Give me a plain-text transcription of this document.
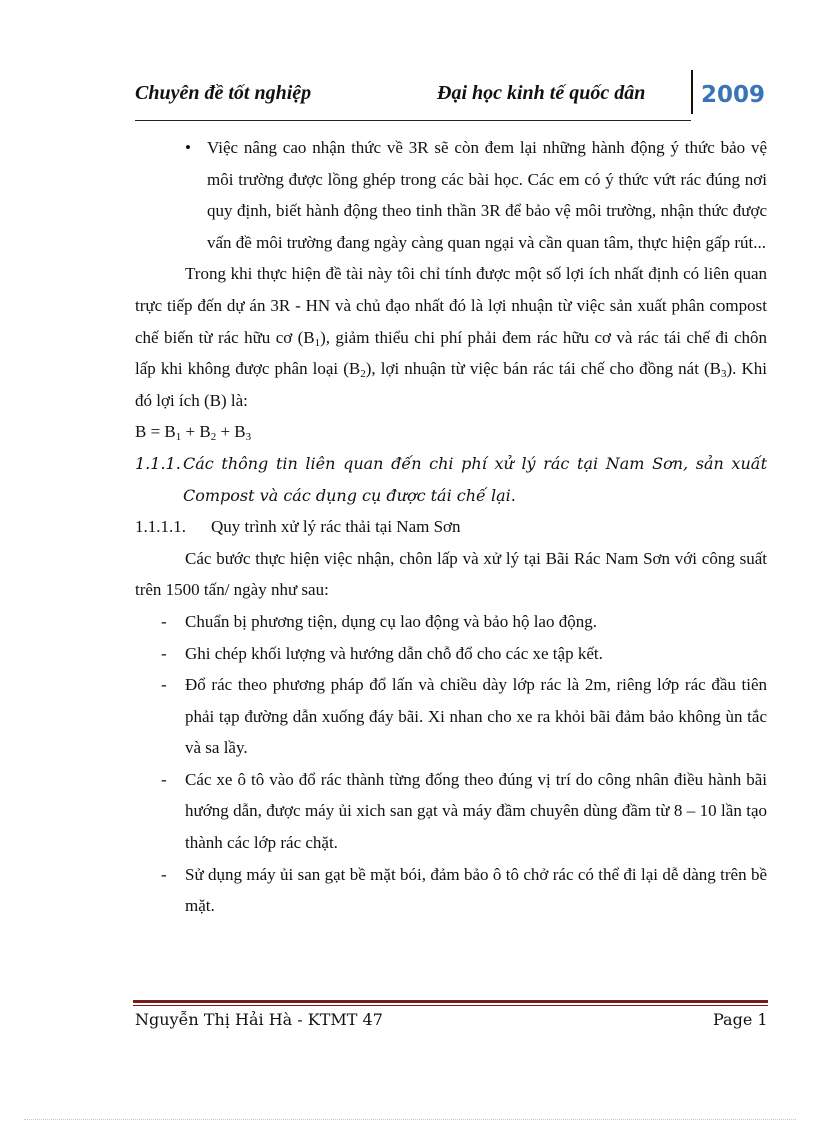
Chuyên đề tốt nghiệp	Đại học kinh tế quốc dân 2009

• Việc nâng cao nhận thức về 3R sẽ còn đem lại những hành động ý thức bảo vệ môi trường được lồng ghép trong các bài học. Các em có ý thức vứt rác đúng nơi quy định, biết hành động theo tinh thần 3R để bảo vệ môi trường, nhận thức được vấn đề môi trường đang ngày càng quan ngại và cần quan tâm, thực hiện gấp rút...

Trong khi thực hiện đề tài này tôi chỉ tính được một số lợi ích nhất định có liên quan trực tiếp đến dự án 3R - HN và chủ đạo nhất đó là lợi nhuận từ việc sản xuất phân compost chế biến từ rác hữu cơ $(B_1)$, giảm thiểu chi phí phải đem rác hữu cơ và rác tái chế đi chôn lấp khi không được phân loại $(B_2)$, lợi nhuận từ việc bán rác tái chế cho đồng nát $(B_3)$. Khi đó lợi ích (B) là:

$B = B_1 + B_2 + B_3$

1.1.1. Các thông tin liên quan đến chi phí xử lý rác tại Nam Sơn, sản xuất Compost và các dụng cụ được tái chế lại.

1.1.1.1. Quy trình xử lý rác thải tại Nam Sơn

Các bước thực hiện việc nhận, chôn lấp và xử lý tại Bãi Rác Nam Sơn với công suất trên 1500 tấn/ ngày như sau:

- Chuẩn bị phương tiện, dụng cụ lao động và bảo hộ lao động.

- Ghi chép khối lượng và hướng dẫn chỗ đổ cho các xe tập kết.

- Đổ rác theo phương pháp đổ lấn và chiều dày lớp rác là 2m, riêng lớp rác đầu tiên phải tạp đường dẫn xuống đáy bãi. Xi nhan cho xe ra khỏi bãi đảm bảo không ùn tắc và sa lầy.

- Các xe ô tô vào đổ rác thành từng đống theo đúng vị trí do công nhân điều hành bãi hướng dẫn, được máy ủi xich san gạt và máy đầm chuyên dùng đầm từ 8 – 10 lần tạo thành các lớp rác chặt.

- Sử dụng máy ủi san gạt bề mặt bói, đảm bảo ô tô chở rác có thể đi lại dễ dàng trên bề mặt.

Nguyễn Thị Hải Hà - KTMT 47	Page 1
